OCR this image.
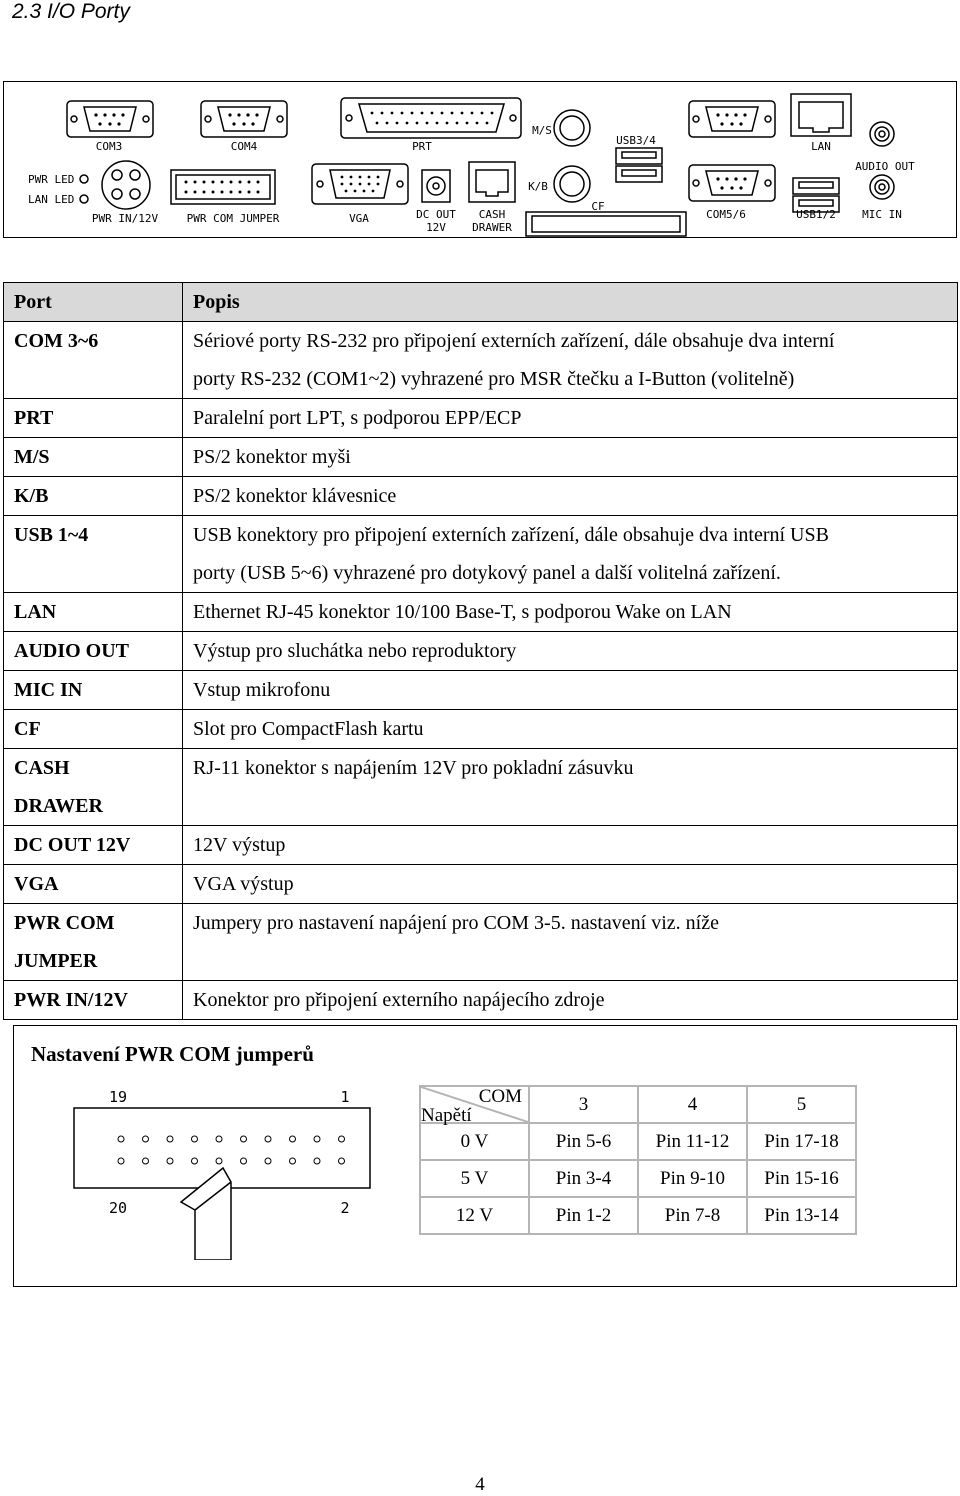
2.3 I/O Porty
COM3	COM4	PRT
M/S
USB3/4	LAN
AUDIO OUT
PWR LED
LAN LED
PWR IN/12V	PWR COM JUMPER	VGA	DC OUT
12V
CASH
DRAWER
K/B
CF
COM5/6	USB1/2 MIC IN
Port	Popis

COM 3~6	Sériové porty RS-232 pro připojení externích zařízení, dále obsahuje dva interní
porty RS-232 (COM1~2) vyhrazené pro MSR čtečku a I-Button (volitelně)

PRT	Paralelní port LPT, s podporou EPP/ECP

M/S	PS/2 konektor myši

K/B	PS/2 konektor klávesnice

USB 1~4	USB konektory pro připojení externích zařízení, dále obsahuje dva interní USB
porty (USB 5~6) vyhrazené pro dotykový panel a další volitelná zařízení.

LAN	Ethernet RJ-45 konektor 10/100 Base-T, s podporou Wake on LAN

AUDIO OUT	Výstup pro sluchátka nebo reproduktory

MIC IN	Vstup mikrofonu

CF	Slot pro CompactFlash kartu

CASH
DRAWER	RJ-11 konektor s napájením 12V pro pokladní zásuvku

DC OUT 12V	12V výstup

VGA	VGA výstup

PWR COM
JUMPER	Jumpery pro nastavení napájení pro COM 3-5. nastavení viz. níže

PWR IN/12V	Konektor pro připojení externího napájecího zdroje
Nastavení PWR COM jumperů
19	1
20	2
COM
Napětí	3	4	5
0 V	Pin 5-6	Pin 11-12	Pin 17-18
5 V	Pin 3-4	Pin 9-10	Pin 15-16
12 V	Pin 1-2	Pin 7-8	Pin 13-14
4
